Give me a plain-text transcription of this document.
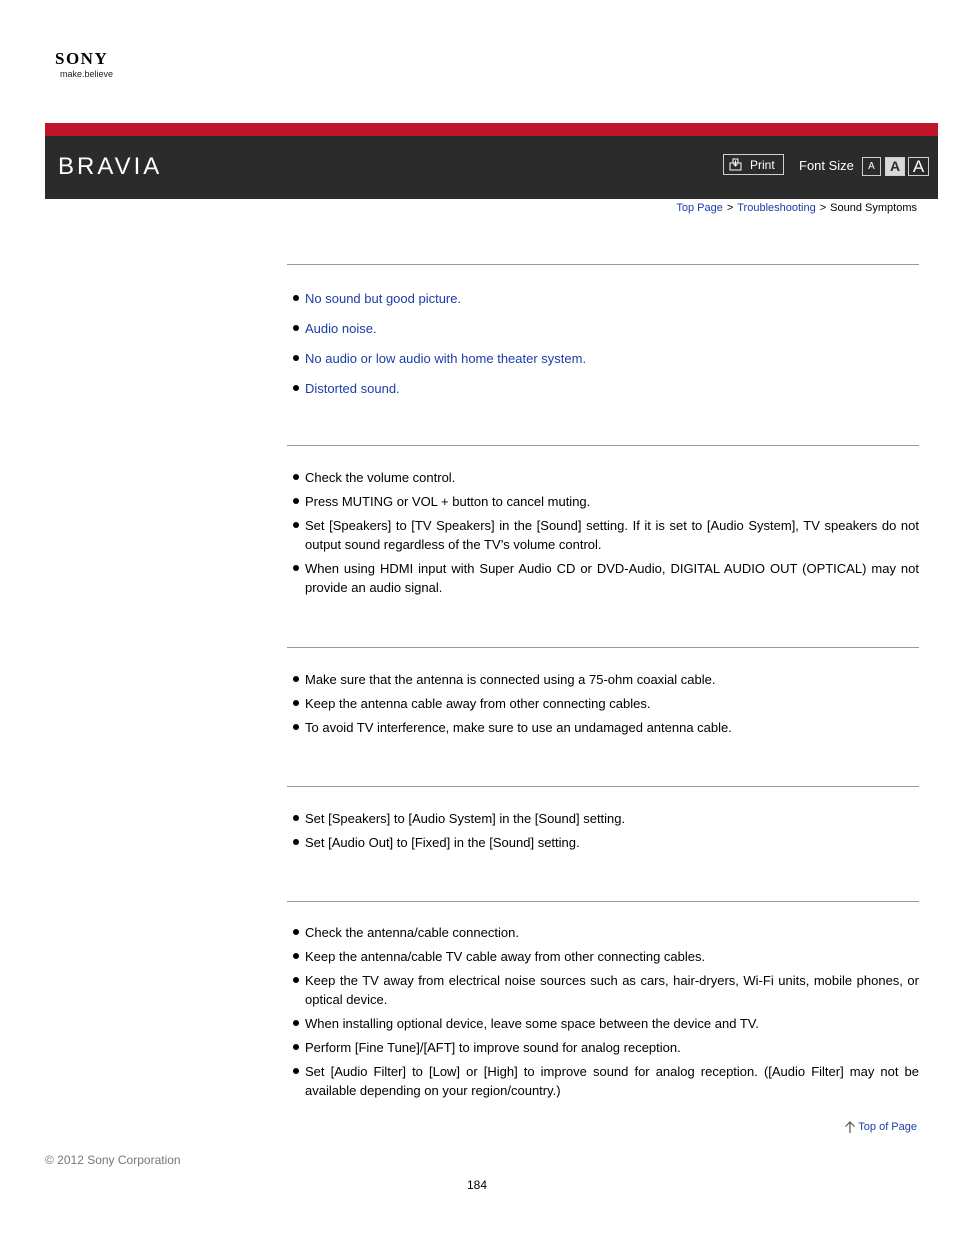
SONY
make.believe
BRAVIA	Print Font Size	A	A A
Top Page > Troubleshooting > Sound Symptoms
No sound but good picture.
Audio noise.
No audio or low audio with home theater system.
Distorted sound.
Check the volume control.
Press MUTING or VOL + button to cancel muting.
Set [Speakers] to [TV Speakers] in the [Sound] setting. If it is set to [Audio System], TV speakers do not output sound regardless of the TV’s volume control.
When using HDMI input with Super Audio CD or DVD-Audio, DIGITAL AUDIO OUT (OPTICAL) may not provide an audio signal.
Make sure that the antenna is connected using a 75-ohm coaxial cable.
Keep the antenna cable away from other connecting cables.
To avoid TV interference, make sure to use an undamaged antenna cable.
Set [Speakers] to [Audio System] in the [Sound] setting.
Set [Audio Out] to [Fixed] in the [Sound] setting.
Check the antenna/cable connection.
Keep the antenna/cable TV cable away from other connecting cables.
Keep the TV away from electrical noise sources such as cars, hair-dryers, Wi-Fi units, mobile phones, or optical device.
When installing optional device, leave some space between the device and TV.
Perform [Fine Tune]/[AFT] to improve sound for analog reception.
Set [Audio Filter] to [Low] or [High] to improve sound for analog reception. ([Audio Filter] may not be available depending on your region/country.)
Top of Page
© 2012 Sony Corporation
184
